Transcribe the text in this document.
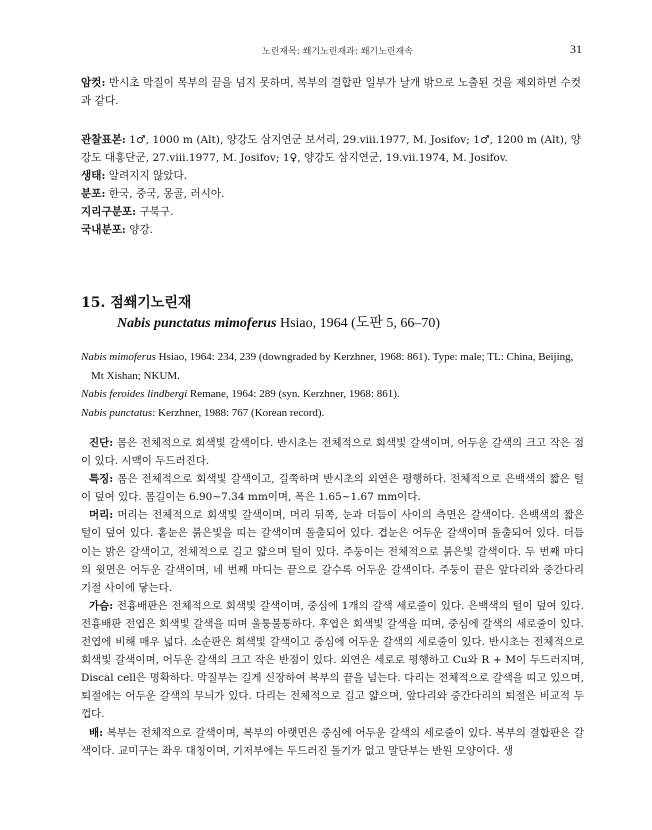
노린재목: 쐐기노린재과: 쐐기노린재속	31

암컷: 반시초 막질이 복부의 끝을 넘지 못하며, 복부의 결합판 일부가 날개 밖으로 노출된 것을 제외하면 수컷과 같다.

관찰표본: 1♂, 1000 m (Alt), 양강도 삼지연군 보서리, 29.viii.1977, M. Josifov; 1♂, 1200 m (Alt), 양강도 대홍단군, 27.viii.1977, M. Josifov; 1♀, 양강도 삼지연군, 19.vii.1974, M. Josifov.

생태: 알려지지 않았다.

분포: 한국, 중국, 몽골, 러시아.

지리구분포: 구북구.

국내분포: 양강.

15. 점쐐기노린재
Nabis punctatus mimoferus Hsiao, 1964 (도판 5, 66–70)

Nabis mimoferus Hsiao, 1964: 234, 239 (downgraded by Kerzhner, 1968: 861). Type: male; TL: China, Beijing, Mt Xishan; NKUM.

Nabis feroides lindbergi Remane, 1964: 289 (syn. Kerzhner, 1968: 861).

Nabis punctatus: Kerzhner, 1988: 767 (Korean record).

진단: 몸은 전체적으로 회색빛 갈색이다. 반시초는 전체적으로 회색빛 갈색이며, 어두운 갈색의 크고 작은 점이 있다. 시맥이 두드러진다.

특징: 몸은 전체적으로 회색빛 갈색이고, 길쭉하며 반시초의 외연은 평행하다. 전체적으로 은백색의 짧은 털이 덮여 있다. 몸길이는 6.90~7.34 mm이며, 폭은 1.65~1.67 mm이다.

머리: 머리는 전체적으로 회색빛 갈색이며, 머리 뒤쪽, 눈과 더듬이 사이의 측면은 갈색이다. 은백색의 짧은 털이 덮여 있다. 홑눈은 붉은빛을 띠는 갈색이며 돌출되어 있다. 겹눈은 어두운 갈색이며 돌출되어 있다. 더듬이는 밝은 갈색이고, 전체적으로 길고 얇으며 털이 있다. 주둥이는 전체적으로 붉은빛 갈색이다. 두 번째 마디의 윗면은 어두운 갈색이며, 네 번째 마디는 끝으로 갈수록 어두운 갈색이다. 주둥이 끝은 앞다리와 중간다리 기절 사이에 닿는다.

가슴: 전흉배판은 전체적으로 회색빛 갈색이며, 중심에 1개의 갈색 세로줄이 있다. 은백색의 털이 덮여 있다. 전흉배판 전엽은 회색빛 갈색을 띠며 울퉁불퉁하다. 후엽은 회색빛 갈색을 띠며, 중심에 갈색의 세로줄이 있다. 전엽에 비해 매우 넓다. 소순판은 회색빛 갈색이고 중심에 어두운 갈색의 세로줄이 있다. 반시초는 전체적으로 회색빛 갈색이며, 어두운 갈색의 크고 작은 반점이 있다. 외연은 세로로 평행하고 Cu와 R + M이 두드러지며, Discal cell은 명확하다. 막질부는 길게 신장하여 복부의 끝을 넘는다. 다리는 전체적으로 갈색을 띠고 있으며, 퇴절에는 어두운 갈색의 무늬가 있다. 다리는 전체적으로 길고 얇으며, 앞다리와 중간다리의 퇴절은 비교적 두껍다.

배: 복부는 전체적으로 갈색이며, 복부의 아랫면은 중심에 어두운 갈색의 세로줄이 있다. 복부의 결합판은 갈색이다. 교미구는 좌우 대칭이며, 기저부에는 두드러진 돌기가 없고 말단부는 반원 모양이다. 생
